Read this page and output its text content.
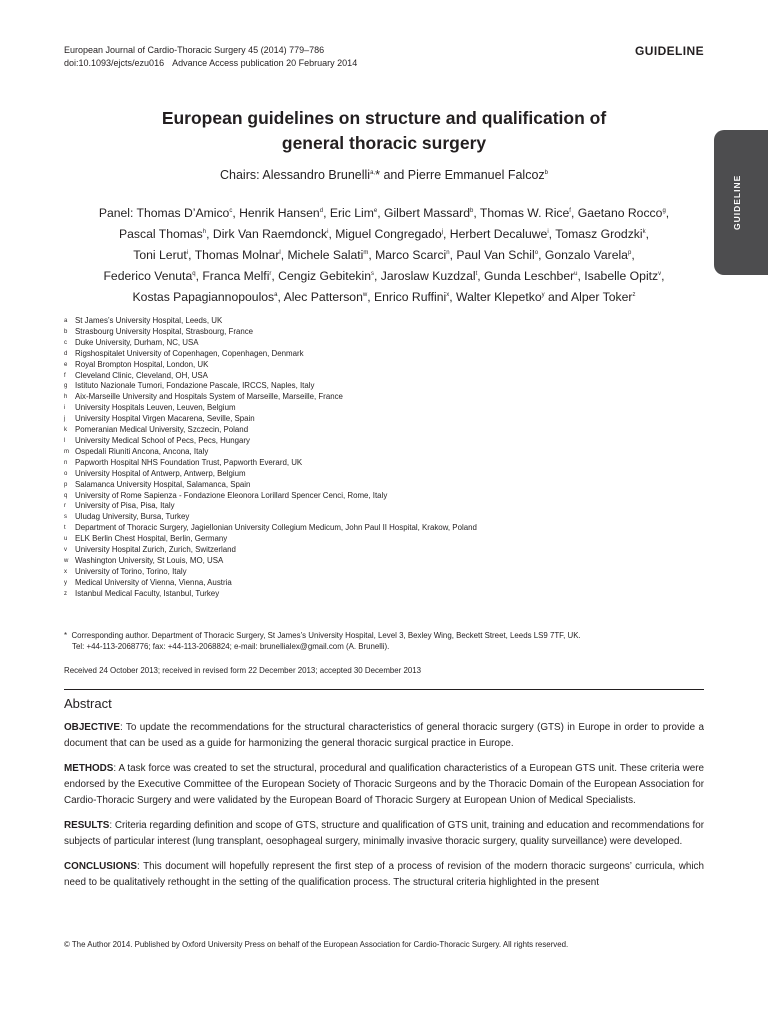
European Journal of Cardio-Thoracic Surgery 45 (2014) 779–786
doi:10.1093/ejcts/ezu016 Advance Access publication 20 February 2014
GUIDELINE
GUIDELINE
European guidelines on structure and qualification of
general thoracic surgery
Chairs: Alessandro Brunelli$^{a,}$* and Pierre Emmanuel Falcoz$^b$
Panel: Thomas D’Amico$^c$, Henrik Hansen$^d$, Eric Lim$^e$, Gilbert Massard$^b$, Thomas W. Rice$^f$, Gaetano Rocco$^g$,
Pascal Thomas$^h$, Dirk Van Raemdonck$^i$, Miguel Congregado$^j$, Herbert Decaluwe$^i$, Tomasz Grodzki$^k$,
Toni Lerut$^i$, Thomas Molnar$^l$, Michele Salati$^m$, Marco Scarci$^n$, Paul Van Schil$^o$, Gonzalo Varela$^p$,
Federico Venuta$^q$, Franca Melfi$^r$, Cengiz Gebitekin$^s$, Jaroslaw Kuzdzal$^t$, Gunda Leschber$^u$, Isabelle Opitz$^v$,
Kostas Papagiannopoulos$^a$, Alec Patterson$^w$, Enrico Ruffini$^x$, Walter Klepetko$^y$ and Alper Toker$^z$
a St James’s University Hospital, Leeds, UK
b Strasbourg University Hospital, Strasbourg, France
c	Duke University, Durham, NC, USA
d Rigshospitalet University of Copenhagen, Copenhagen, Denmark
e Royal Brompton Hospital, London, UK
f	Cleveland Clinic, Cleveland, OH, USA
g Istituto Nazionale Tumori, Fondazione Pascale, IRCCS, Naples, Italy
h Aix-Marseille University and Hospitals System of Marseille, Marseille, France
i	University Hospitals Leuven, Leuven, Belgium
j	University Hospital Virgen Macarena, Seville, Spain
k	Pomeranian Medical University, Szczecin, Poland
l	University Medical School of Pecs, Pecs, Hungary
m Ospedali Riuniti Ancona, Ancona, Italy
n Papworth Hospital NHS Foundation Trust, Papworth Everard, UK
o University Hospital of Antwerp, Antwerp, Belgium
p Salamanca University Hospital, Salamanca, Spain
q University of Rome Sapienza - Fondazione Eleonora Lorillard Spencer Cenci, Rome, Italy
r	University of Pisa, Pisa, Italy
s	Uludag University, Bursa, Turkey
t	Department of Thoracic Surgery, Jagiellonian University Collegium Medicum, John Paul II Hospital, Krakow, Poland
u ELK Berlin Chest Hospital, Berlin, Germany
v	University Hospital Zurich, Zurich, Switzerland
w Washington University, St Louis, MO, USA
x	University of Torino, Torino, Italy
y	Medical University of Vienna, Vienna, Austria
z	Istanbul Medical Faculty, Istanbul, Turkey
* Corresponding author. Department of Thoracic Surgery, St James’s University Hospital, Level 3, Bexley Wing, Beckett Street, Leeds LS9 7TF, UK.
Tel: +44-113-2068776; fax: +44-113-2068824; e-mail: brunellialex@gmail.com (A. Brunelli).
Received 24 October 2013; received in revised form 22 December 2013; accepted 30 December 2013
Abstract

OBJECTIVE: To update the recommendations for the structural characteristics of general thoracic surgery (GTS) in Europe in order to provide a document that can be used as a guide for harmonizing the general thoracic surgical practice in Europe.

METHODS: A task force was created to set the structural, procedural and qualification characteristics of a European GTS unit. These criteria were endorsed by the Executive Committee of the European Society of Thoracic Surgeons and by the Thoracic Domain of the European Association for Cardio-Thoracic Surgery and were validated by the European Board of Thoracic Surgery at European Union of Medical Specialists.

RESULTS: Criteria regarding definition and scope of GTS, structure and qualification of GTS unit, training and education and recommendations for subjects of particular interest (lung transplant, oesophageal surgery, minimally invasive thoracic surgery, quality surveillance) were developed.

CONCLUSIONS: This document will hopefully represent the first step of a process of revision of the modern thoracic surgeons’ curricula, which need to be qualitatively rethought in the setting of the qualification process. The structural criteria highlighted in the present

© The Author 2014. Published by Oxford University Press on behalf of the European Association for Cardio-Thoracic Surgery. All rights reserved.
